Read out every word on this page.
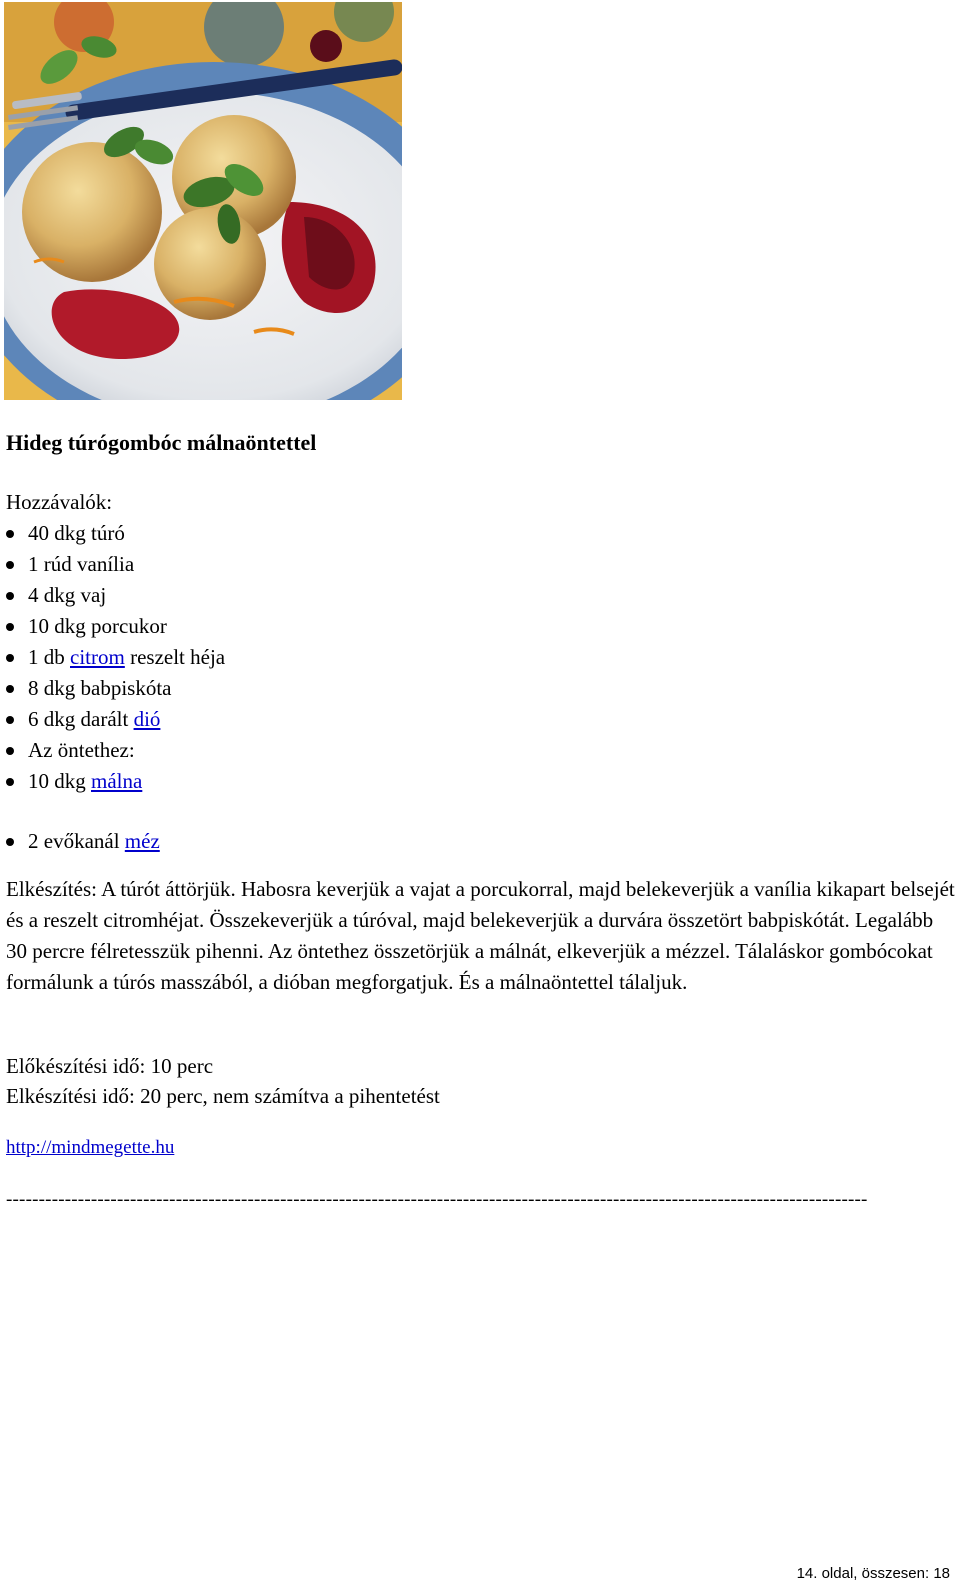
Hideg túrógombóc málnaöntettel
Hozzávalók:
40 dkg túró
1 rúd vanília
4 dkg vaj
10 dkg porcukor
1 db citrom reszelt héja
8 dkg babpiskóta
6 dkg darált dió
Az öntethez:
10 dkg málna
2 evőkanál méz

Elkészítés: A túrót áttörjük. Habosra keverjük a vajat a porcukorral, majd belekeverjük a vanília kikapart belsejét és a reszelt citromhéjat. Összekeverjük a túróval, majd belekeverjük a durvára összetört babpiskótát. Legalább 30 percre félretesszük pihenni. Az öntethez összetörjük a málnát, elkeverjük a mézzel. Tálaláskor gombócokat formálunk a túrós masszából, a dióban megforgatjuk. És a málnaöntettel tálaljuk.

Előkészítési idő: 10 perc
Elkészítési idő: 20 perc, nem számítva a pihentetést
http://mindmegette.hu
------------------------------------------------------------------------------------------------------------------------------------
14. oldal, összesen: 18
